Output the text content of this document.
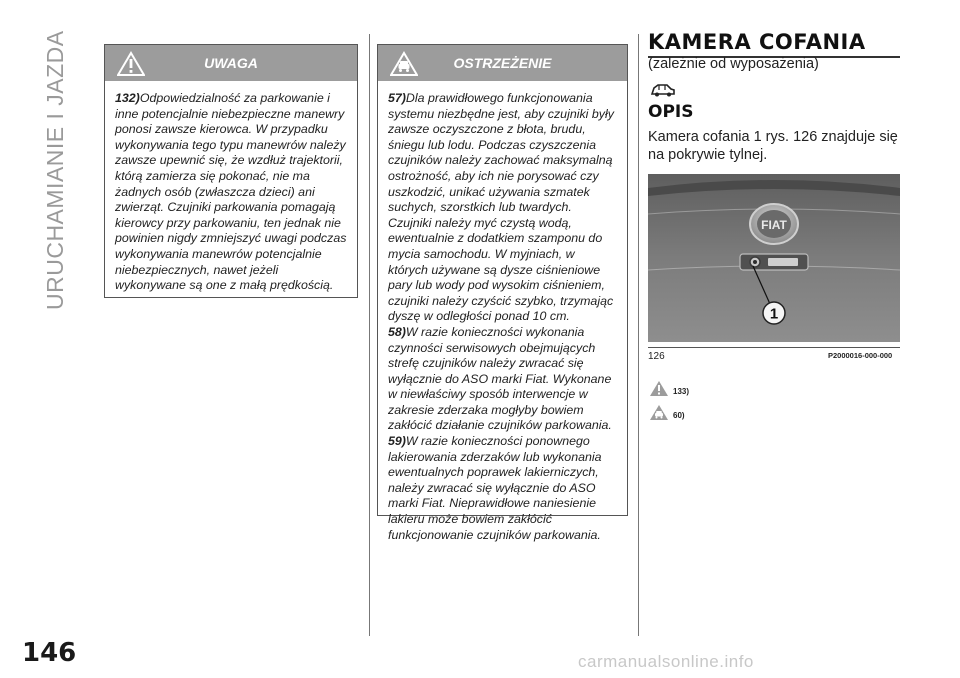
URUCHAMIANIE I JAZDA
146
UWAGA

132)Odpowiedzialność za parkowanie i inne potencjalnie niebezpieczne manewry ponosi zawsze kierowca. W przypadku wykonywania tego typu manewrów należy zawsze upewnić się, że wzdłuż trajektorii, którą zamierza się pokonać, nie ma żadnych osób (zwłaszcza dzieci) ani zwierząt. Czujniki parkowania pomagają kierowcy przy parkowaniu, ten jednak nie powinien nigdy zmniejszyć uwagi podczas wykonywania manewrów potencjalnie niebezpiecznych, nawet jeżeli wykonywane są one z małą prędkością.

OSTRZEŻENIE

57)Dla prawidłowego funkcjonowania systemu niezbędne jest, aby czujniki były zawsze oczyszczone z błota, brudu, śniegu lub lodu. Podczas czyszczenia czujników należy zachować maksymalną ostrożność, aby ich nie porysować czy uszkodzić, unikać używania szmatek suchych, szorstkich lub twardych. Czujniki należy myć czystą wodą, ewentualnie z dodatkiem szamponu do mycia samochodu. W myjniach, w których używane są dysze ciśnieniowe pary lub wody pod wysokim ciśnieniem, czujniki należy czyścić szybko, trzymając dyszę w odległości ponad 10 cm.

58)W razie konieczności wykonania czynności serwisowych obejmujących strefę czujników należy zwracać się wyłącznie do ASO marki Fiat. Wykonane w niewłaściwy sposób interwencje w zakresie zderzaka mogłyby bowiem zakłócić działanie czujników parkowania.

59)W razie konieczności ponownego lakierowania zderzaków lub wykonania ewentualnych poprawek lakierniczych, należy zwracać się wyłącznie do ASO marki Fiat. Nieprawidłowe naniesienie lakieru może bowiem zakłócić funkcjonowanie czujników parkowania.

KAMERA COFANIA
(zależnie od wyposażenia)
OPIS
Kamera cofania 1 rys. 126 znajduje się na pokrywie tylnej.
FIAT
1
126	P2000016-000-000
133)
60)
carmanualsonline.info
